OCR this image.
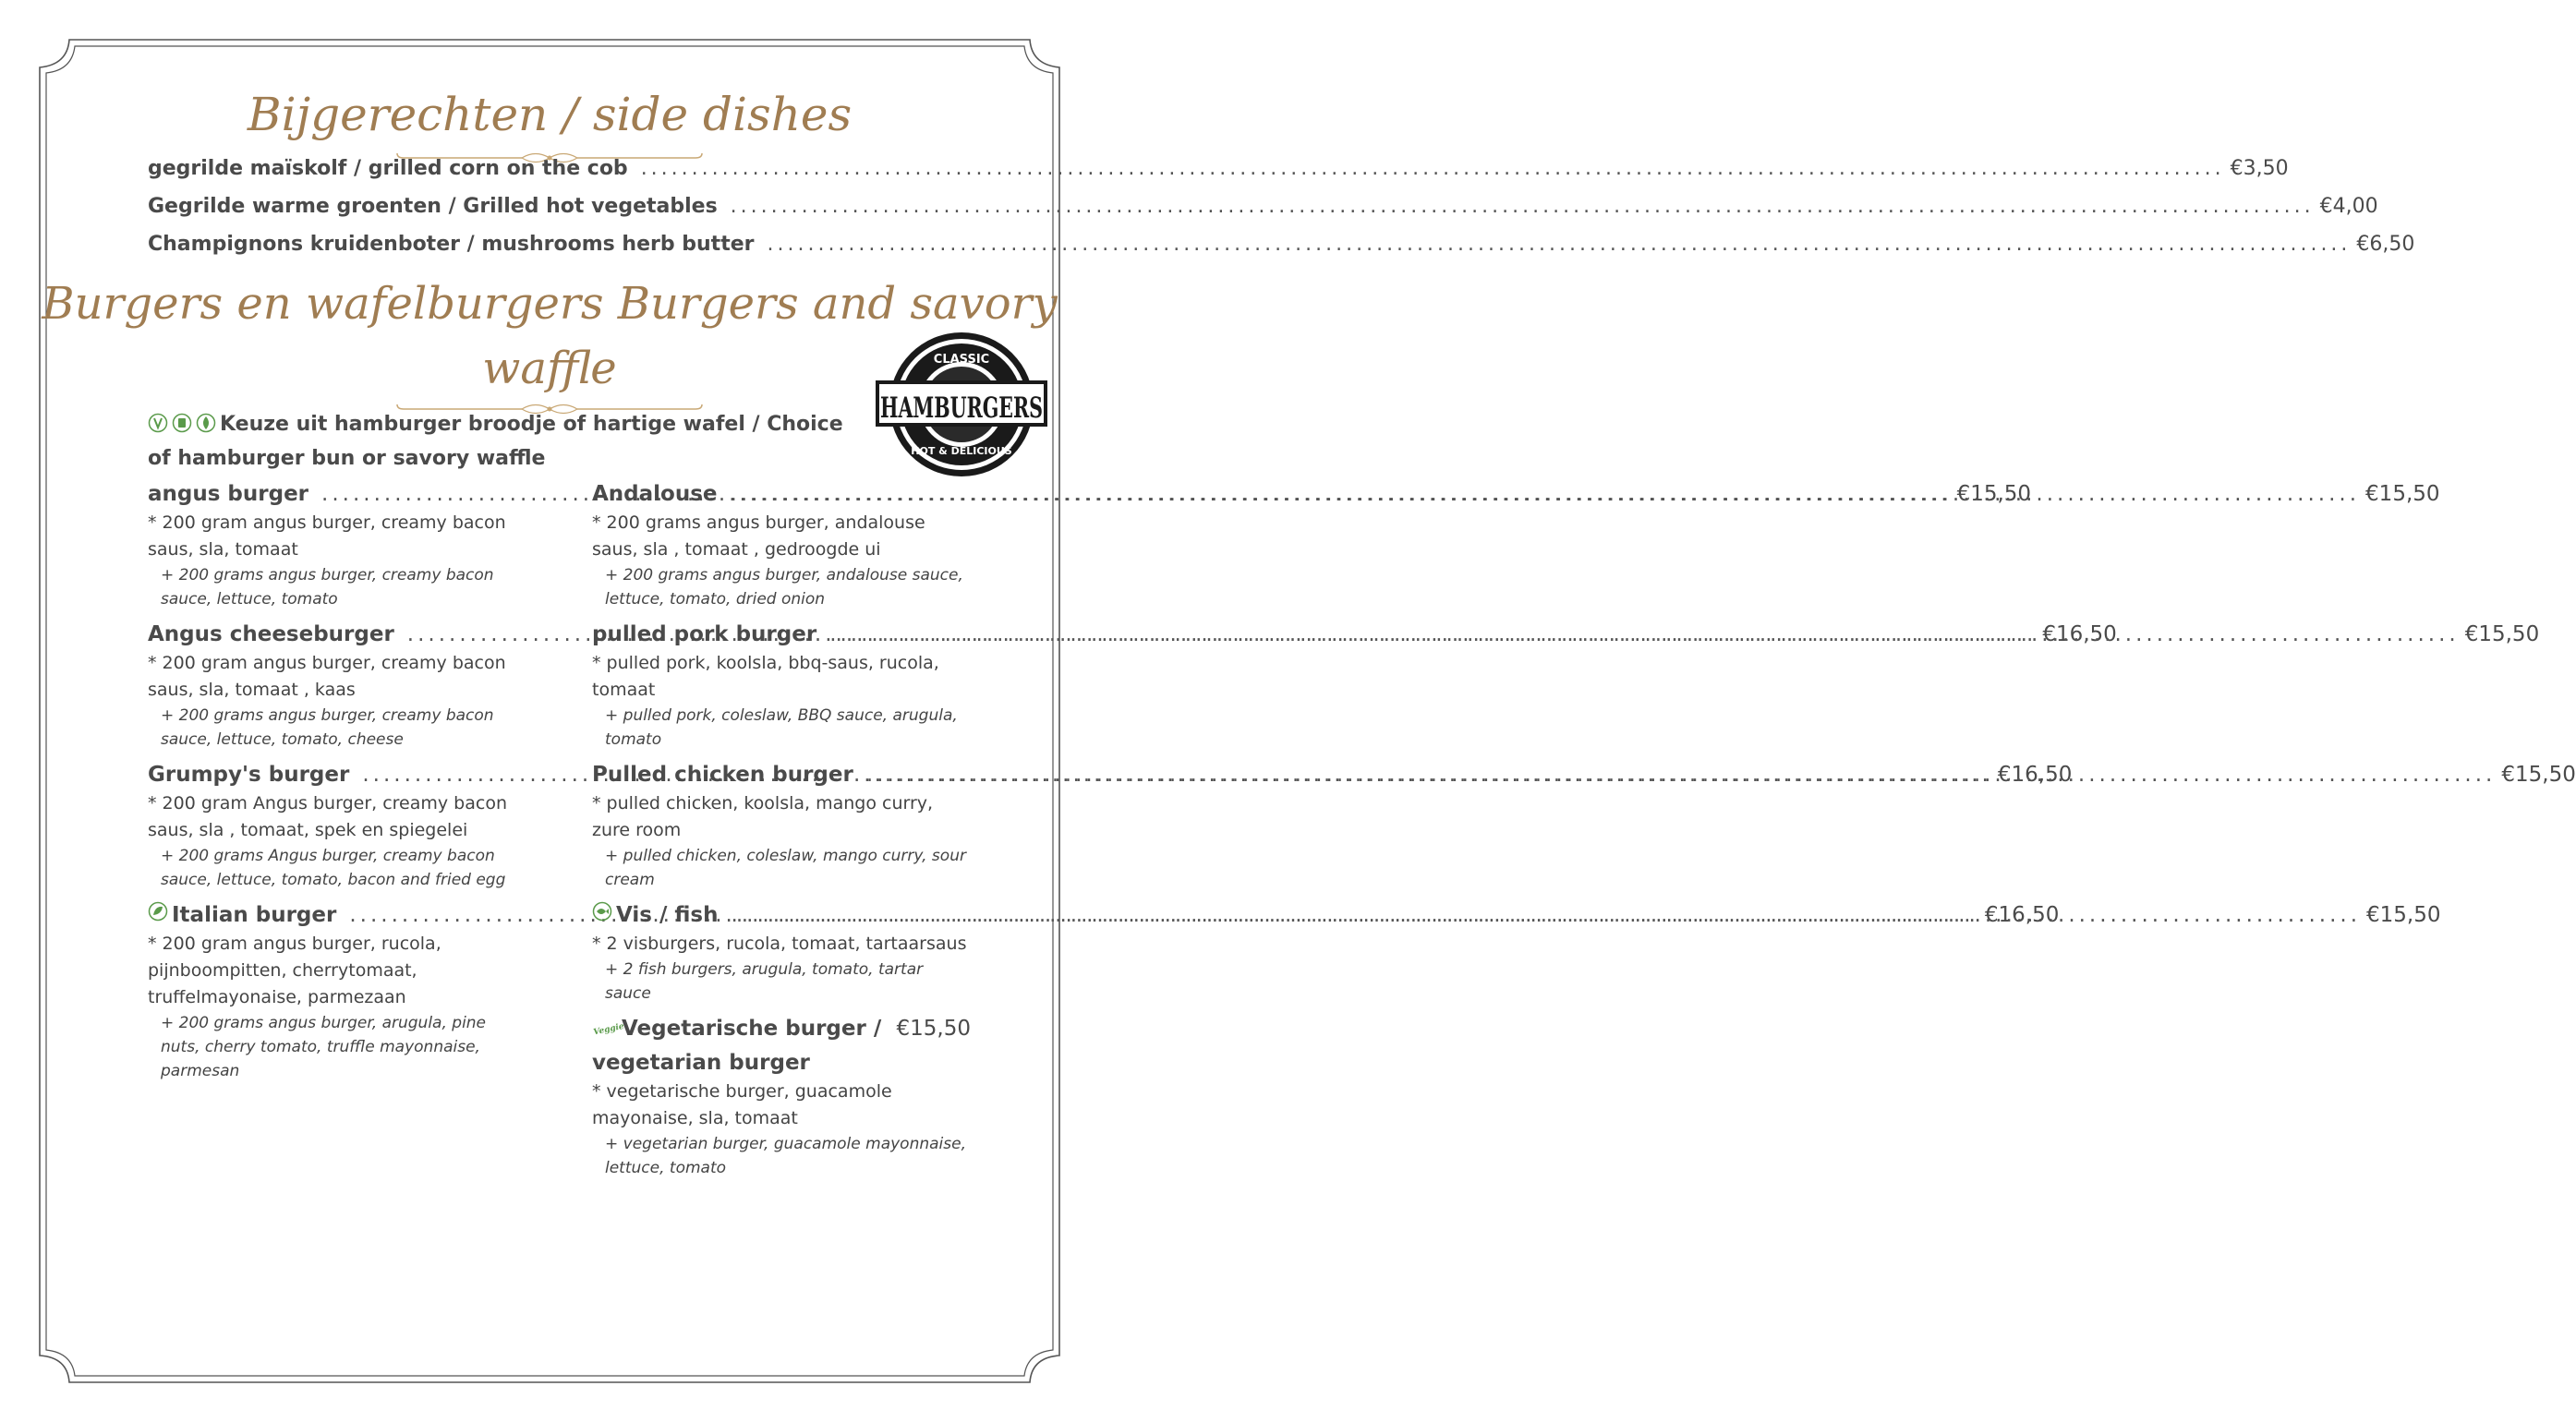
Bijgerechten / side dishes
gegrilde maïskolf / grilled corn on the cob .....	€3,50
Gegrilde warme groenten / Grilled hot vegetables .....	€4,00
Champignons kruidenboter / mushrooms herb butter .....	€6,50
Burgers en wafelburgers Burgers and savory
waffle

Keuze uit hamburger broodje of hartige wafel / Choice of hamburger bun or savory waffle

CLASSIC
HAMBURGERS
HOT & DELICIOUS
angus burger .....	€15,50

* 200 gram angus burger, creamy bacon saus, sla, tomaat

+ 200 grams angus burger, creamy bacon sauce, lettuce, tomato

Angus cheeseburger .....	€16,50

* 200 gram angus burger, creamy bacon saus, sla, tomaat , kaas

+ 200 grams angus burger, creamy bacon sauce, lettuce, tomato, cheese

Grumpy's burger .....	€16,50

* 200 gram Angus burger, creamy bacon saus, sla , tomaat, spek en spiegelei

+ 200 grams Angus burger, creamy bacon sauce, lettuce, tomato, bacon and fried egg

Italian burger .....	€16,50

* 200 gram angus burger, rucola, pijnboompitten, cherrytomaat, truffelmayonaise, parmezaan

+ 200 grams angus burger, arugula, pine nuts, cherry tomato, truffle mayonnaise, parmesan

Andalouse .....	€15,50

* 200 grams angus burger, andalouse saus, sla , tomaat , gedroogde ui

+ 200 grams angus burger, andalouse sauce, lettuce, tomato, dried onion

pulled pork burger .....	€15,50

* pulled pork, koolsla, bbq-saus, rucola, tomaat

+ pulled pork, coleslaw, BBQ sauce, arugula, tomato

Pulled chicken burger .....	€15,50

* pulled chicken, koolsla, mango curry, zure room

+ pulled chicken, coleslaw, mango curry, sour cream

Vis / fish .....	€15,50

* 2 visburgers, rucola, tomaat, tartaarsaus

+ 2 fish burgers, arugula, tomato, tartar sauce

Veggie
Vegetarische burger / €15,50
vegetarian burger

* vegetarische burger, guacamole mayonaise, sla, tomaat

+ vegetarian burger, guacamole mayonnaise, lettuce, tomato
